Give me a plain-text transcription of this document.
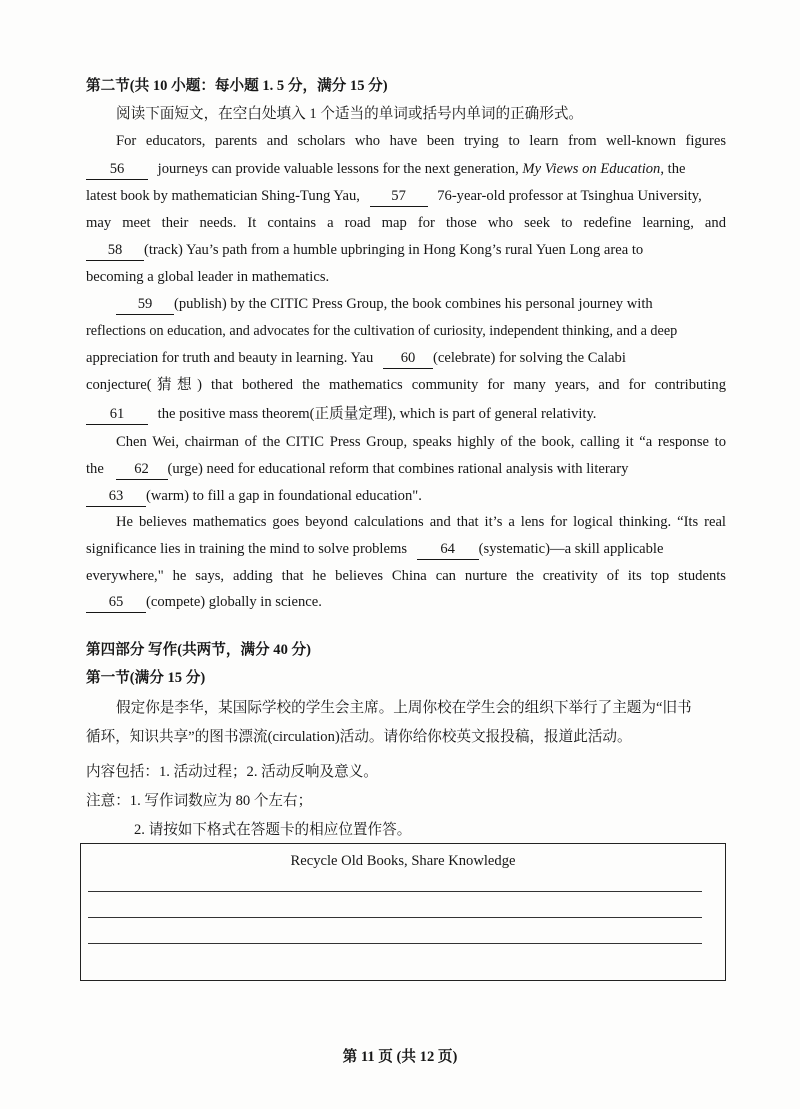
第二节(共 10 小题：每小题 1. 5 分，满分 15 分)
阅读下面短文，在空白处填入 1 个适当的单词或括号内单词的正确形式。
For educators, parents and scholars who have been trying to learn from well-known figures
56 journeys can provide valuable lessons for the next generation, My Views on Education, the
latest book by mathematician Shing-Tung Yau, 57 76-year-old professor at Tsinghua University,
may meet their needs. It contains a road map for those who seek to redefine learning, and
58 (track) Yau’s path from a humble upbringing in Hong Kong’s rural Yuen Long area to
becoming a global leader in mathematics.
59 (publish) by the CITIC Press Group, the book combines his personal journey with
reflections on education, and advocates for the cultivation of curiosity, independent thinking, and a deep
appreciation for truth and beauty in learning. Yau 60 (celebrate) for solving the Calabi
conjecture(猜想) that bothered the mathematics community for many years, and for contributing
61 the positive mass theorem(正质量定理), which is part of general relativity.
Chen Wei, chairman of the CITIC Press Group, speaks highly of the book, calling it “a response to
the 62 (urge) need for educational reform that combines rational analysis with literary
63 (warm) to fill a gap in foundational education".
He believes mathematics goes beyond calculations and that it’s a lens for logical thinking. “Its real
significance lies in training the mind to solve problems 64 (systematic)—a skill applicable
everywhere," he says, adding that he believes China can nurture the creativity of its top students
65 (compete) globally in science.
第四部分 写作(共两节，满分 40 分)
第一节(满分 15 分)
假定你是李华，某国际学校的学生会主席。上周你校在学生会的组织下举行了主题为“旧书
循环，知识共享”的图书漂流(circulation)活动。请你给你校英文报投稿，报道此活动。
内容包括：1. 活动过程；2. 活动反响及意义。
注意：1. 写作词数应为 80 个左右；
2. 请按如下格式在答题卡的相应位置作答。
Recycle Old Books, Share Knowledge
第 11 页 (共 12 页)
